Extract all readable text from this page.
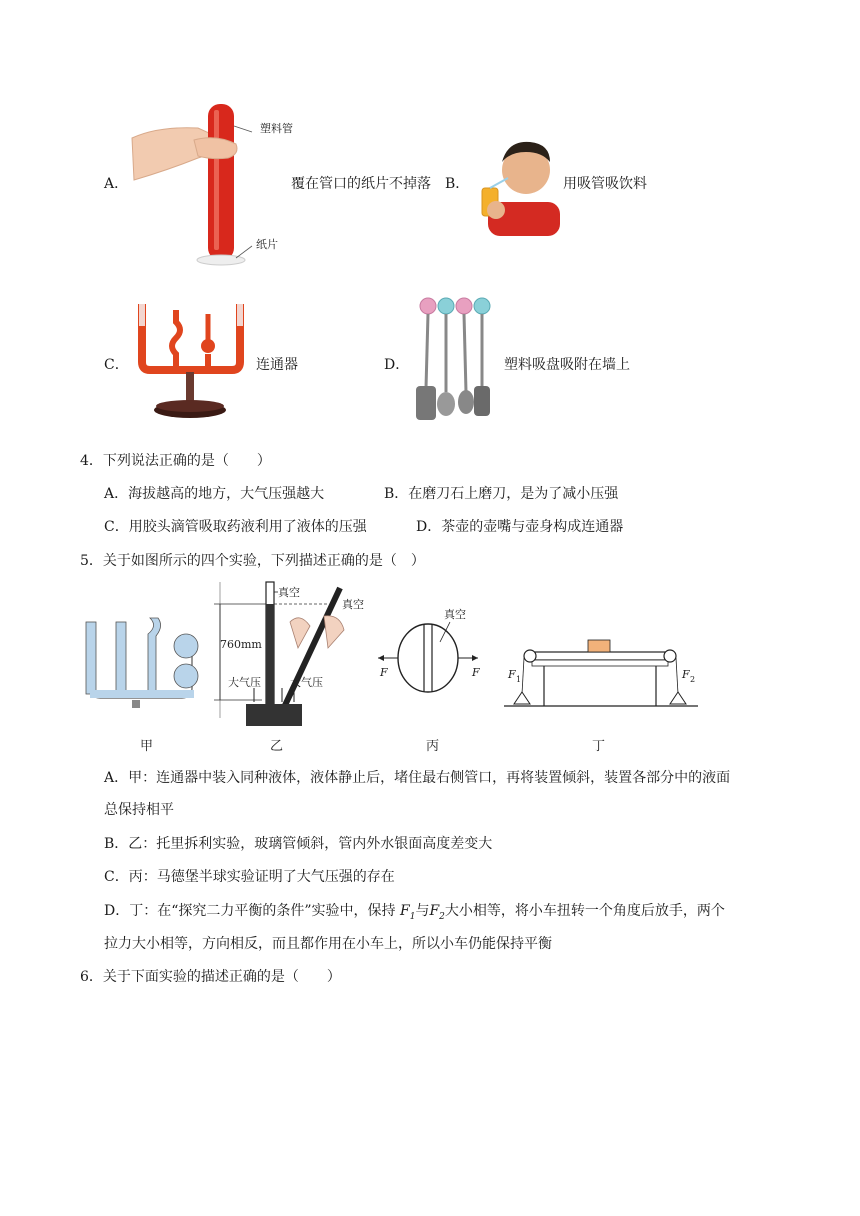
A．
塑料管
纸片
覆在管口的纸片不掉落 B．	用吸管吸饮料
C．	连通器	D．	塑料吸盘吸附在墙上
4．下列说法正确的是（　　）
A．海拔越高的地方，大气压强越大	B．在磨刀石上磨刀，是为了减小压强
C．用胶头滴管吸取药液利用了液体的压强	D．茶壶的壶嘴与壶身构成连通器
5．关于如图所示的四个实验，下列描述正确的是（　）
甲
760mm
真空
真空
大气压	大气压
乙
F	F
真空
丙
F 1	F 2
丁
A．甲：连通器中装入同种液体，液体静止后，堵住最右侧管口，再将装置倾斜，装置各部分中的液面
总保持相平
B．乙：托里拆利实验，玻璃管倾斜，管内外水银面高度差变大
C．丙：马德堡半球实验证明了大气压强的存在
D．丁：在“探究二力平衡的条件”实验中，保持 $F_1$与$F_2$大小相等，将小车扭转一个角度后放手，两个
拉力大小相等，方向相反，而且都作用在小车上，所以小车仍能保持平衡
6．关于下面实验的描述正确的是（　　）
